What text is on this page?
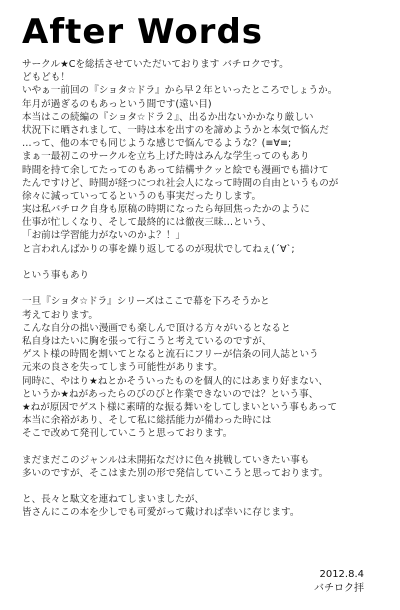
After Words
サークル★Cを総括させていただいております バチロクです。
どもども！
いやぁ一前回の『ショタ☆ドラ』から早２年といったところでしょうか。
年月が過ぎるのもあっという間です(遠い目)
本当はこの続編の『ショタ☆ドラ２』、出るか出ないかかなり厳しい
状況下に晒されまして、一時は本を出すのを諦めようかと本気で悩んだ
…って、他の本でも同じような感じで悩んでるような？(≡∀≡;
まぁ一最初このサークルを立ち上げた時はみんな学生ってのもあり
時間を持て余してたってのもあって結構サクッと絵でも漫画でも描けて
たんですけど、時間が経つにつれ社会人になって時間の自由というものが
徐々に減っていってるというのも事実だったりします。
実は私バチロク自身も原稿の時期になったら毎回焦ったかのように
仕事が忙しくなり、そして最終的には徹夜三昧…という、
「お前は学習能力がないのかよ？！」
と言われんばかりの事を繰り返してるのが現状でしてねぇ(´∀`;
という事もあり
一旦『ショタ☆ドラ』シリーズはここで幕を下ろそうかと
考えております。
こんな自分の拙い漫画でも楽しんで頂ける方々がいるとなると
私自身はたいに胸を張って行こうと考えているのですが、
ゲスト様の時間を割いてとなると流石にフリーが信条の同人誌という
元来の良さを失ってしまう可能性があります。
同時に、やはり★ねとかそういったものを個人的にはあまり好まない、
というか★ねがあったらのびのびと作業できないのでは？という事、
★ねが原因でゲスト様に素晴的な振る舞いをしてしまいという事もあって
本当に余裕があり、そして私に総括能力が備わった時には
そこで改めて発刊していこうと思っております。
まだまだこのジャンルは未開拓なだけに色々挑戦していきたい事も
多いのですが、そこはまた別の形で発信していこうと思っております。
と、長々と駄文を連ねてしまいましたが、
皆さんにこの本を少しでも可愛がって戴ければ幸いに存じます。
2012.8.4
バチロク拝
